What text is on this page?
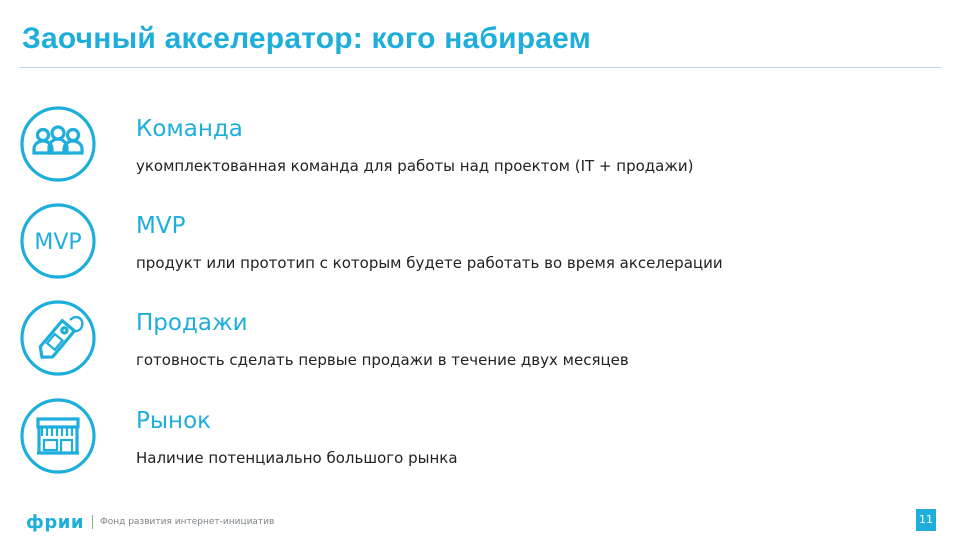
Заочный акселератор: кого набираем
Команда
укомплектованная команда для работы над проектом (IT + продажи)
MVP
MVP
продукт или прототип с которым будете работать во время акселерации
Продажи
готовность сделать первые продажи в течение двух месяцев
Рынок
Наличие потенциально большого рынка
фрии Фонд развития интернет-инициатив	11
